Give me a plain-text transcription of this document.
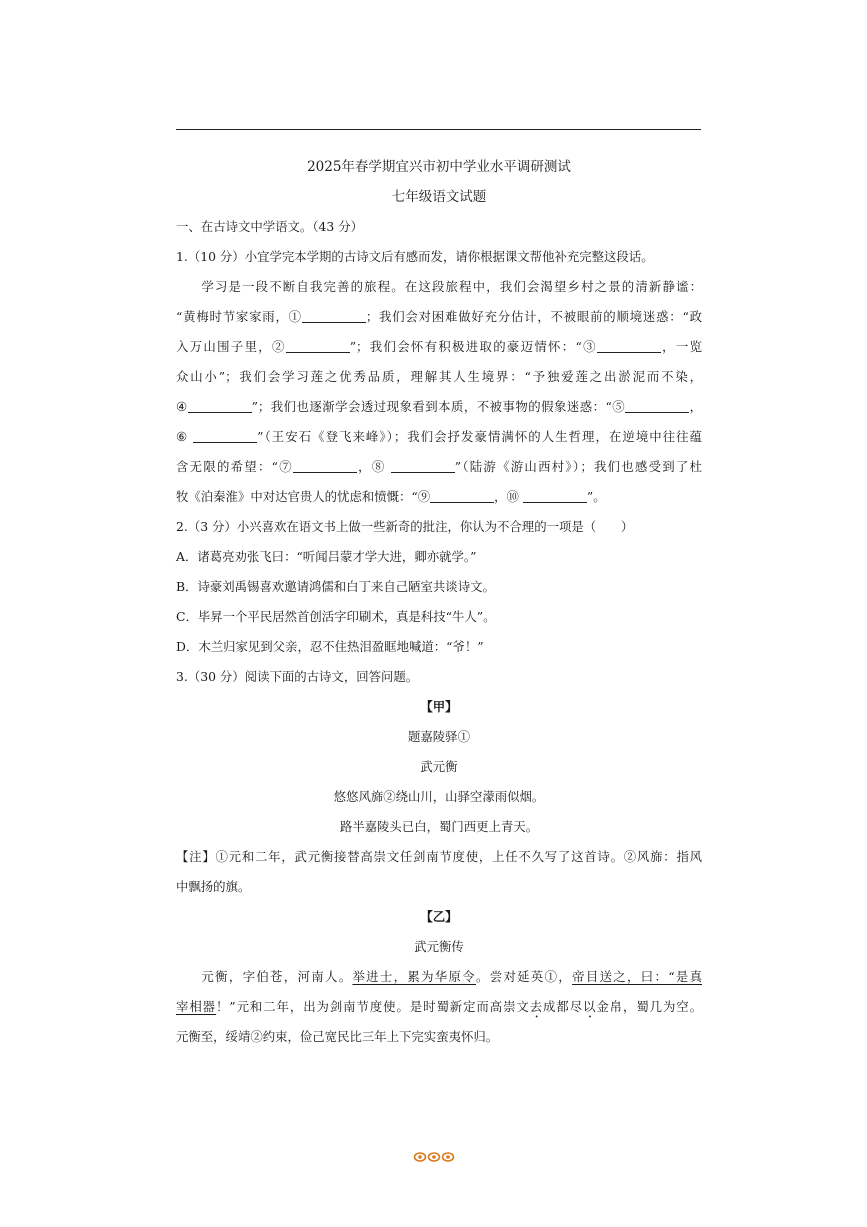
2025年春学期宜兴市初中学业水平调研测试
七年级语文试题
一、在古诗文中学语文。（43 分）
1.（10 分）小宜学完本学期的古诗文后有感而发，请你根据课文帮他补充完整这段话。
学习是一段不断自我完善的旅程。在这段旅程中，我们会渴望乡村之景的清新静谧：
“黄梅时节家家雨，①	；我们会对困难做好充分估计，不被眼前的顺境迷惑：“政
入万山围子里，②	”；我们会怀有积极进取的豪迈情怀：“③	，一览
众山小”；我们会学习莲之优秀品质，理解其人生境界：“予独爱莲之出淤泥而不染，
④	”；我们也逐渐学会透过现象看到本质，不被事物的假象迷惑：“⑤	，
⑥	”（王安石《登飞来峰》）；我们会抒发豪情满怀的人生哲理，在逆境中往往蕴
含无限的希望：“⑦	，⑧	”（陆游《游山西村》）；我们也感受到了杜
牧《泊秦淮》中对达官贵人的忧虑和愤慨：“⑨	，⑩	”。
2.（3 分）小兴喜欢在语文书上做一些新奇的批注，你认为不合理的一项是（　　）
A．诸葛亮劝张飞曰：“听闻吕蒙才学大进，卿亦就学。”
B．诗豪刘禹锡喜欢邀请鸿儒和白丁来自己陋室共谈诗文。
C．毕昇一个平民居然首创活字印刷术，真是科技“牛人”。
D．木兰归家见到父亲，忍不住热泪盈眶地喊道：“爷！”
3.（30 分）阅读下面的古诗文，回答问题。
【甲】
题嘉陵驿①
武元衡
悠悠风旆②绕山川，山驿空濛雨似烟。
路半嘉陵头已白，蜀门西更上青天。
【注】①元和二年，武元衡接替高崇文任剑南节度使，上任不久写了这首诗。②风旆：指风
中飘扬的旗。
【乙】
武元衡传
元衡，字伯苍，河南人。举进士，累为华原令。尝对延英①，帝目送之，曰：“是真
宰相器！”元和二年，出为剑南节度使。是时蜀新定而高崇文去成都尽以金帛，蜀几为空。
元衡至，绥靖②约束，俭己宽民比三年上下完实蛮夷怀归。
